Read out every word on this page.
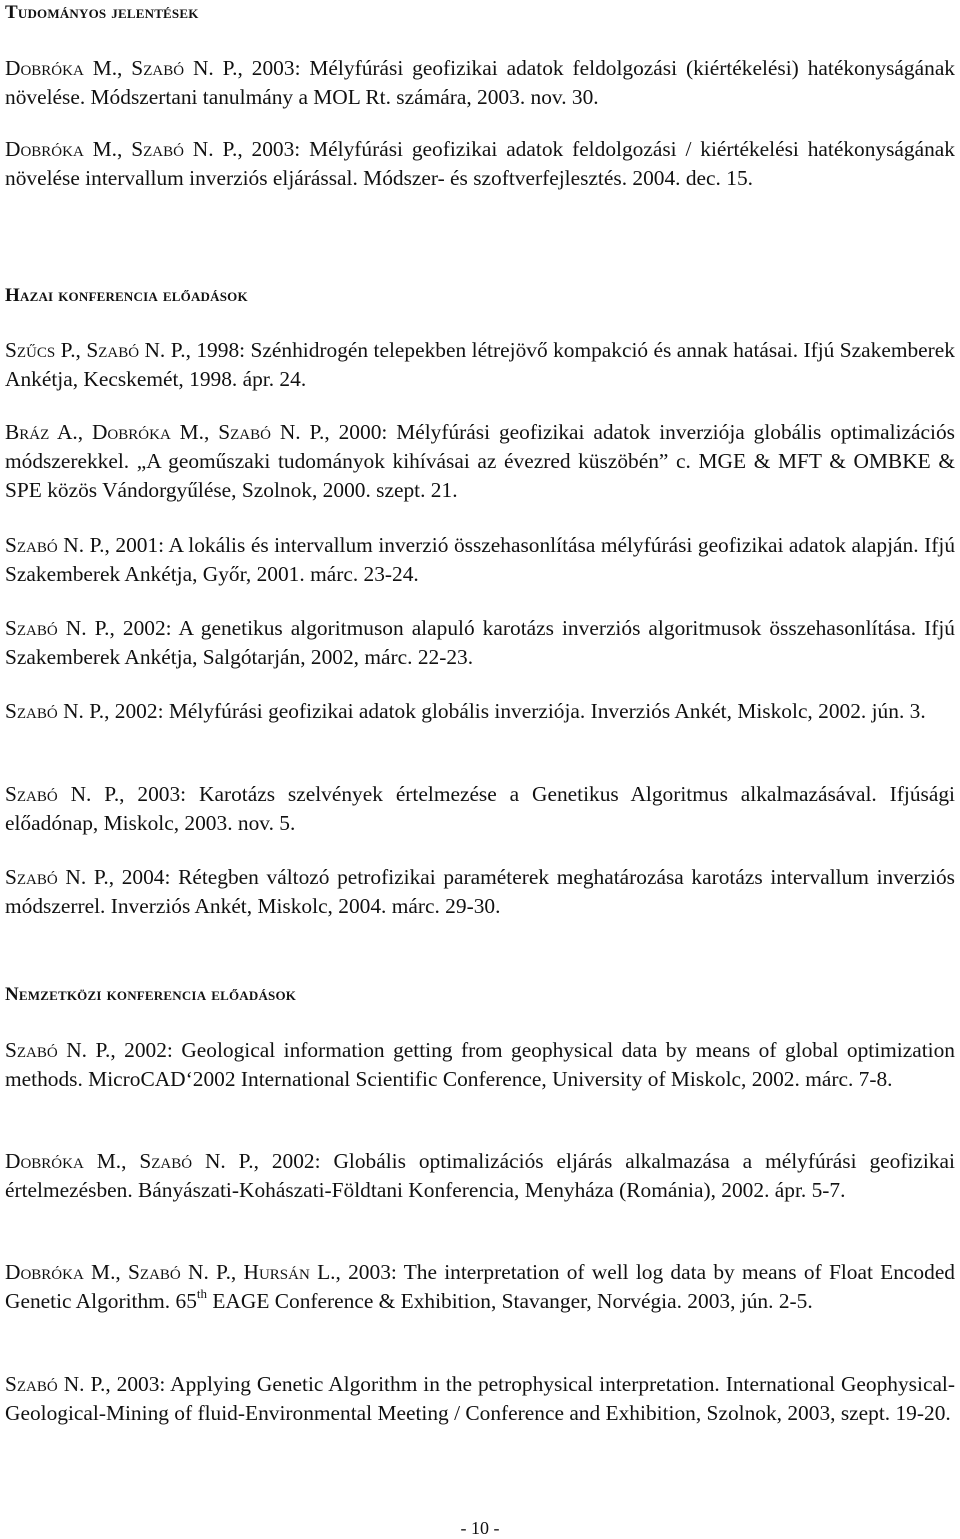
Tudományos jelentések

Dobróka M., Szabó N. P., 2003: Mélyfúrási geofizikai adatok feldolgozási (kiértékelési) hatékonyságának növelése. Módszertani tanulmány a MOL Rt. számára, 2003. nov. 30.

Dobróka M., Szabó N. P., 2003: Mélyfúrási geofizikai adatok feldolgozási / kiértékelési hatékonyságának növelése intervallum inverziós eljárással. Módszer- és szoftverfejlesztés. 2004. dec. 15.

Hazai konferencia előadások

Szűcs P., Szabó N. P., 1998: Szénhidrogén telepekben létrejövő kompakció és annak hatásai. Ifjú Szakemberek Ankétja, Kecskemét, 1998. ápr. 24.

Bráz A., Dobróka M., Szabó N. P., 2000: Mélyfúrási geofizikai adatok inverziója globális optimalizációs módszerekkel. „A geoműszaki tudományok kihívásai az évezred küszöbén” c. MGE & MFT & OMBKE & SPE közös Vándorgyűlése, Szolnok, 2000. szept. 21.

Szabó N. P., 2001: A lokális és intervallum inverzió összehasonlítása mélyfúrási geofizikai adatok alapján. Ifjú Szakemberek Ankétja, Győr, 2001. márc. 23-24.

Szabó N. P., 2002: A genetikus algoritmuson alapuló karotázs inverziós algoritmusok összehasonlítása. Ifjú Szakemberek Ankétja, Salgótarján, 2002, márc. 22-23.

Szabó N. P., 2002: Mélyfúrási geofizikai adatok globális inverziója. Inverziós Ankét, Miskolc, 2002. jún. 3.

Szabó N. P., 2003: Karotázs szelvények értelmezése a Genetikus Algoritmus alkalmazásával. Ifjúsági előadónap, Miskolc, 2003. nov. 5.

Szabó N. P., 2004: Rétegben változó petrofizikai paraméterek meghatározása karotázs intervallum inverziós módszerrel. Inverziós Ankét, Miskolc, 2004. márc. 29-30.

Nemzetközi konferencia előadások

Szabó N. P., 2002: Geological information getting from geophysical data by means of global optimization methods. MicroCAD‘2002 International Scientific Conference, University of Miskolc, 2002. márc. 7-8.

Dobróka M., Szabó N. P., 2002: Globális optimalizációs eljárás alkalmazása a mélyfúrási geofizikai értelmezésben. Bányászati-Kohászati-Földtani Konferencia, Menyháza (Románia), 2002. ápr. 5-7.

Dobróka M., Szabó N. P., Hursán L., 2003: The interpretation of well log data by means of Float Encoded Genetic Algorithm. 65th EAGE Conference & Exhibition, Stavanger, Norvégia. 2003, jún. 2-5.

Szabó N. P., 2003: Applying Genetic Algorithm in the petrophysical interpretation. International Geophysical-Geological-Mining of fluid-Environmental Meeting / Conference and Exhibition, Szolnok, 2003, szept. 19-20.

- 10 -
